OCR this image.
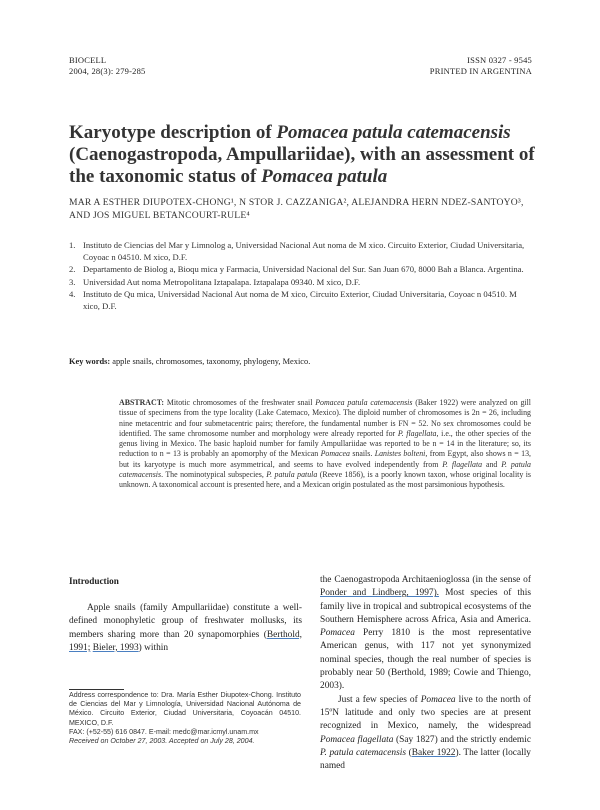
BIOCELL
2004, 28(3): 279-285
ISSN 0327 - 9545
PRINTED IN ARGENTINA
Karyotype description of Pomacea patula catemacensis (Caenogastropoda, Ampullariidae), with an assessment of the taxonomic status of Pomacea patula
MAR A ESTHER DIUPOTEX-CHONG¹, N STOR J. CAZZANIGA², ALEJANDRA HERN NDEZ-SANTOYO³, AND JOS MIGUEL BETANCOURT-RULE⁴
1. Instituto de Ciencias del Mar y Limnolog a, Universidad Nacional Aut noma de M xico. Circuito Exterior, Ciudad Universitaria, Coyoac n 04510. M xico, D.F.
2. Departamento de Biolog a, Bioqu mica y Farmacia, Universidad Nacional del Sur. San Juan 670, 8000 Bah a Blanca. Argentina.
3. Universidad Aut noma Metropolitana Iztapalapa. Iztapalapa 09340. M xico, D.F.
4. Instituto de Qu mica, Universidad Nacional Aut noma de M xico, Circuito Exterior, Ciudad Universitaria, Coyoac n 04510. M xico, D.F.
Key words: apple snails, chromosomes, taxonomy, phylogeny, Mexico.
ABSTRACT: Mitotic chromosomes of the freshwater snail Pomacea patula catemacensis (Baker 1922) were analyzed on gill tissue of specimens from the type locality (Lake Catemaco, Mexico). The diploid number of chromosomes is 2n = 26, including nine metacentric and four submetacentric pairs; therefore, the fundamental number is FN = 52. No sex chromosomes could be identified. The same chromosome number and morphology were already reported for P. flagellata, i.e., the other species of the genus living in Mexico. The basic haploid number for family Ampullariidae was reported to be n = 14 in the literature; so, its reduction to n = 13 is probably an apomorphy of the Mexican Pomacea snails. Lanistes bolteni, from Egypt, also shows n = 13, but its karyotype is much more asymmetrical, and seems to have evolved independently from P. flagellata and P. patula catemacensis. The nominotypical subspecies, P. patula patula (Reeve 1856), is a poorly known taxon, whose original locality is unknown. A taxonomical account is presented here, and a Mexican origin postulated as the most parsimonious hypothesis.
Introduction

Apple snails (family Ampullariidae) constitute a well-defined monophyletic group of freshwater mollusks, its members sharing more than 20 synapomorphies (Berthold, 1991; Bieler, 1993) within

the Caenogastropoda Architaenioglossa (in the sense of Ponder and Lindberg, 1997). Most species of this family live in tropical and subtropical ecosystems of the Southern Hemisphere across Africa, Asia and America. Pomacea Perry 1810 is the most representative American genus, with 117 not yet synonymized nominal species, though the real number of species is probably near 50 (Berthold, 1989; Cowie and Thiengo, 2003).

Just a few species of Pomacea live to the north of 15ºN latitude and only two species are at present recognized in Mexico, namely, the widespread Pomacea flagellata (Say 1827) and the strictly endemic P. patula catemacensis (Baker 1922). The latter (locally named

Address correspondence to: Dra. María Esther Diupotex-Chong. Instituto de Ciencias del Mar y Limnología, Universidad Nacional Autónoma de México. Circuito Exterior, Ciudad Universitaria, Coyoacán 04510. MEXICO, D.F.

FAX: (+52-55) 616 0847. E-mail: medc@mar.icmyl.unam.mx

Received on October 27, 2003. Accepted on July 28, 2004.
